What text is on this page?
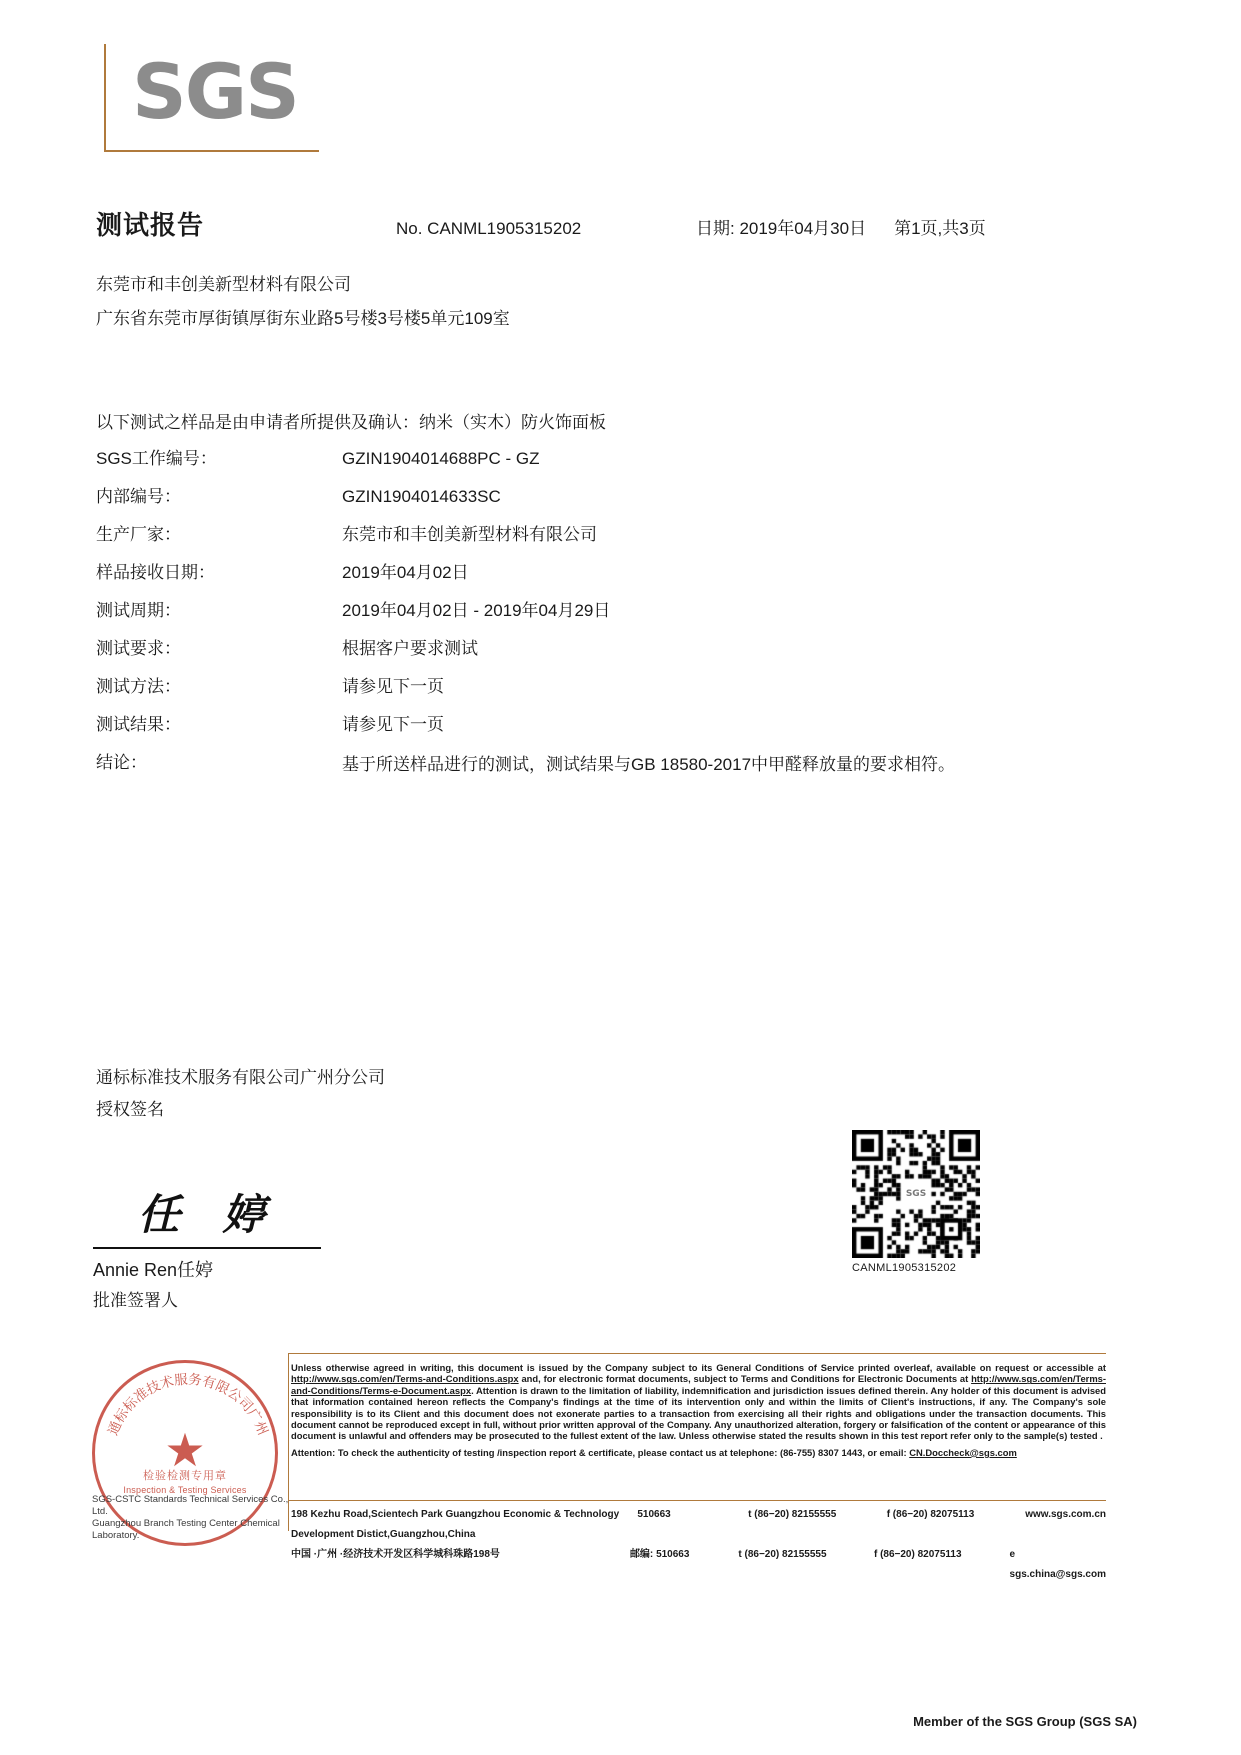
SGS
测试报告	No. CANML1905315202	日期: 2019年04月30日 第1页,共3页
东莞市和丰创美新型材料有限公司
广东省东莞市厚街镇厚街东业路5号楼3号楼5单元109室
以下测试之样品是由申请者所提供及确认：纳米（实木）防火饰面板
SGS工作编号：	GZIN1904014688PC - GZ
内部编号：	GZIN1904014633SC
生产厂家：	东莞市和丰创美新型材料有限公司
样品接收日期：	2019年04月02日
测试周期：	2019年04月02日 - 2019年04月29日
测试要求：	根据客户要求测试
测试方法：	请参见下一页
测试结果：	请参见下一页
结论：	基于所送样品进行的测试，测试结果与GB 18580-2017中甲醛释放量的要求相符。
通标标准技术服务有限公司广州分公司
授权签名
任 婷
Annie Ren任婷
批准签署人
SGS
CANML1905315202
通标标准技术服务有限公司广州
★
检验检测专用章
Inspection & Testing Services
SGS-CSTC Standards Technical Services Co., Ltd.
Guangzhou Branch Testing Center Chemical Laboratory.
Unless otherwise agreed in writing, this document is issued by the Company subject to its General Conditions of Service printed overleaf, available on request or accessible at http://www.sgs.com/en/Terms-and-Conditions.aspx and, for electronic format documents, subject to Terms and Conditions for Electronic Documents at http://www.sgs.com/en/Terms-and-Conditions/Terms-e-Document.aspx. Attention is drawn to the limitation of liability, indemnification and jurisdiction issues defined therein. Any holder of this document is advised that information contained hereon reflects the Company's findings at the time of its intervention only and within the limits of Client's instructions, if any. The Company's sole responsibility is to its Client and this document does not exonerate parties to a transaction from exercising all their rights and obligations under the transaction documents. This document cannot be reproduced except in full, without prior written approval of the Company. Any unauthorized alteration, forgery or falsification of the content or appearance of this document is unlawful and offenders may be prosecuted to the fullest extent of the law. Unless otherwise stated the results shown in this test report refer only to the sample(s) tested .
Attention: To check the authenticity of testing /inspection report & certificate, please contact us at telephone: (86-755) 8307 1443, or email: CN.Doccheck@sgs.com
198 Kezhu Road,Scientech Park Guangzhou Economic & Technology Development Distict,Guangzhou,China
510663	t (86−20) 82155555	f (86−20) 82075113	www.sgs.com.cn
中国 ·广州 ·经济技术开发区科学城科珠路198号	邮编: 510663	t (86−20) 82155555	f (86−20) 82075113	e sgs.china@sgs.com
Member of the SGS Group (SGS SA)
